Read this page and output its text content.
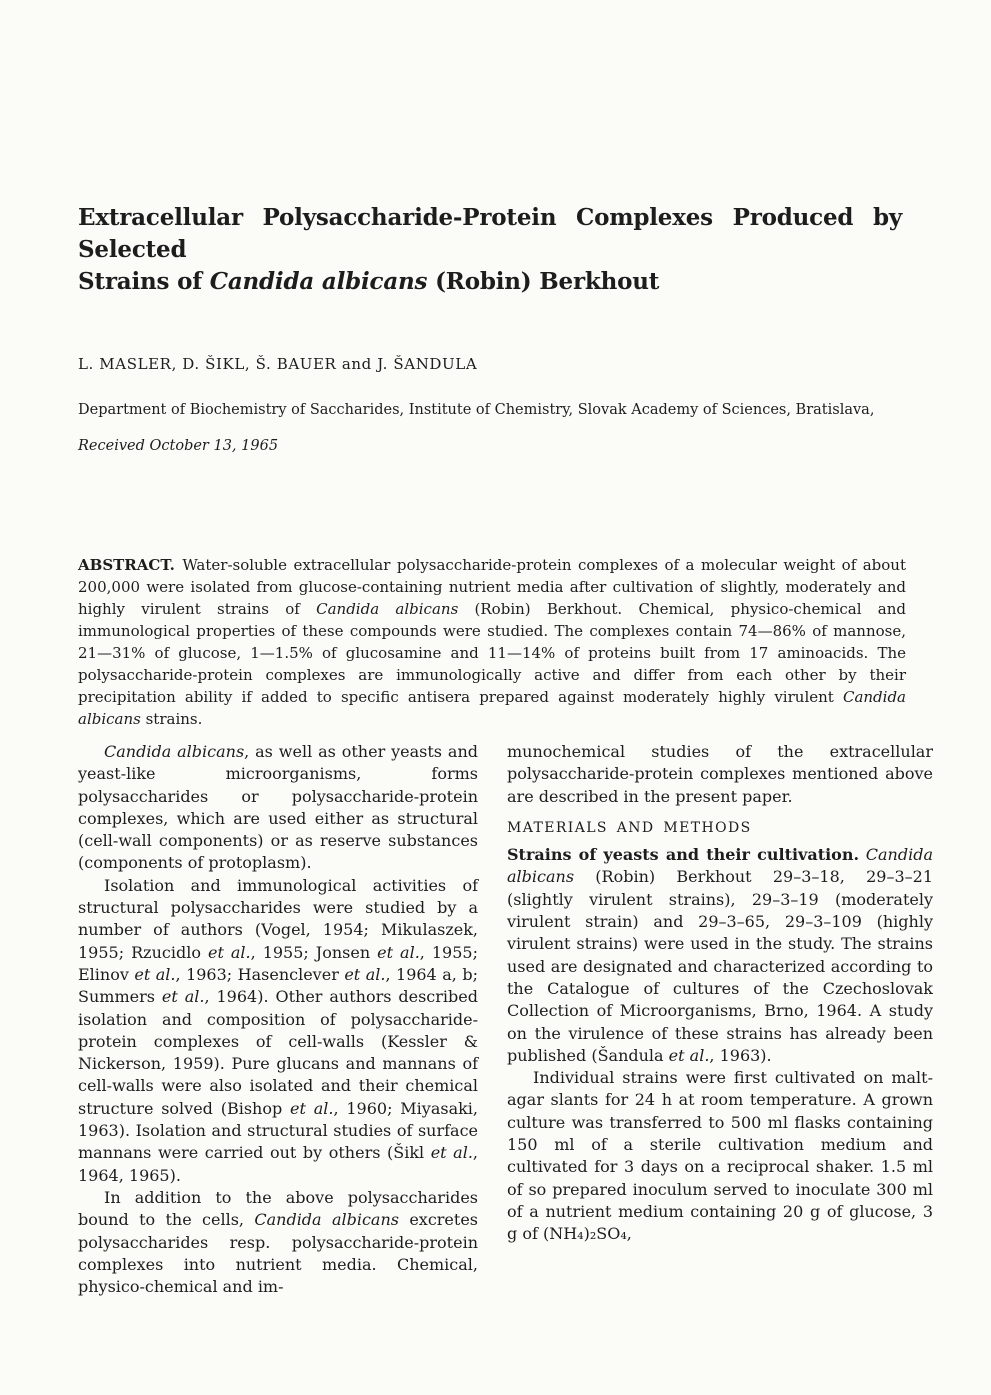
Extracellular Polysaccharide-Protein Complexes Produced by Selected
Strains of Candida albicans (Robin) Berkhout
L. MASLER, D. ŠIKL, Š. BAUER and J. ŠANDULA
Department of Biochemistry of Saccharides, Institute of Chemistry, Slovak Academy of Sciences, Bratislava,
Received October 13, 1965
ABSTRACT. Water-soluble extracellular polysaccharide-protein complexes of a molecular weight of about 200,000 were isolated from glucose-containing nutrient media after cultivation of slightly, moderately and highly virulent strains of Candida albicans (Robin) Berkhout. Chemical, physico-chemical and immunological properties of these compounds were studied. The complexes contain 74—86% of mannose, 21—31% of glucose, 1—1.5% of glucosamine and 11—14% of proteins built from 17 aminoacids. The polysaccharide-protein complexes are immunologically active and differ from each other by their precipitation ability if added to specific antisera prepared against moderately highly virulent Candida albicans strains.

Candida albicans, as well as other yeasts and yeast-like microorganisms, forms polysaccharides or polysaccharide-protein complexes, which are used either as structural (cell-wall components) or as reserve substances (components of protoplasm).

Isolation and immunological activities of structural polysaccharides were studied by a number of authors (Vogel, 1954; Mikulaszek, 1955; Rzucidlo et al., 1955; Jonsen et al., 1955; Elinov et al., 1963; Hasenclever et al., 1964 a, b; Summers et al., 1964). Other authors described isolation and composition of polysaccharide-protein complexes of cell-walls (Kessler & Nickerson, 1959). Pure glucans and mannans of cell-walls were also isolated and their chemical structure solved (Bishop et al., 1960; Miyasaki, 1963). Isolation and structural studies of surface mannans were carried out by others (Šikl et al., 1964, 1965).

In addition to the above polysaccharides bound to the cells, Candida albicans excretes polysaccharides resp. polysaccharide-protein complexes into nutrient media. Chemical, physico-chemical and im-

munochemical studies of the extracellular polysaccharide-protein complexes mentioned above are described in the present paper.

MATERIALS AND METHODS

Strains of yeasts and their cultivation. Candida albicans (Robin) Berkhout 29–3–18, 29–3–21 (slightly virulent strains), 29–3–19 (moderately virulent strain) and 29–3–65, 29–3–109 (highly virulent strains) were used in the study. The strains used are designated and characterized according to the Catalogue of cultures of the Czechoslovak Collection of Microorganisms, Brno, 1964. A study on the virulence of these strains has already been published (Šandula et al., 1963).

Individual strains were first cultivated on malt-agar slants for 24 h at room temperature. A grown culture was transferred to 500 ml flasks containing 150 ml of a sterile cultivation medium and cultivated for 3 days on a reciprocal shaker. 1.5 ml of so prepared inoculum served to inoculate 300 ml of a nutrient medium containing 20 g of glucose, 3 g of (NH₄)₂SO₄,
